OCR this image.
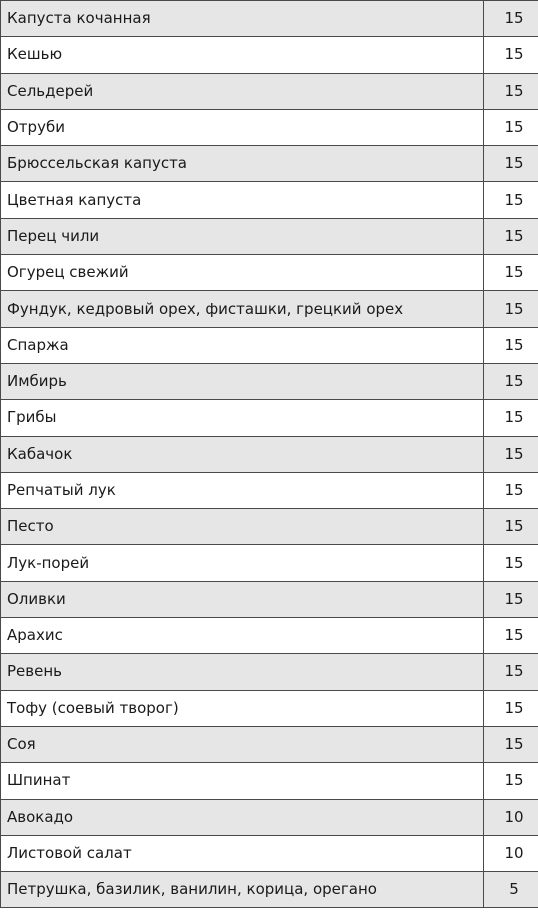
Капуста кочанная	15
Кешью	15
Сельдерей	15
Отруби	15
Брюссельская капуста	15
Цветная капуста	15
Перец чили	15
Огурец свежий	15
Фундук, кедровый орех, фисташки, грецкий орех	15
Спаржа	15
Имбирь	15
Грибы	15
Кабачок	15
Репчатый лук	15
Песто	15
Лук-порей	15
Оливки	15
Арахис	15
Ревень	15
Тофу (соевый творог)	15
Соя	15
Шпинат	15
Авокадо	10
Листовой салат	10
Петрушка, базилик, ванилин, корица, орегано	5
